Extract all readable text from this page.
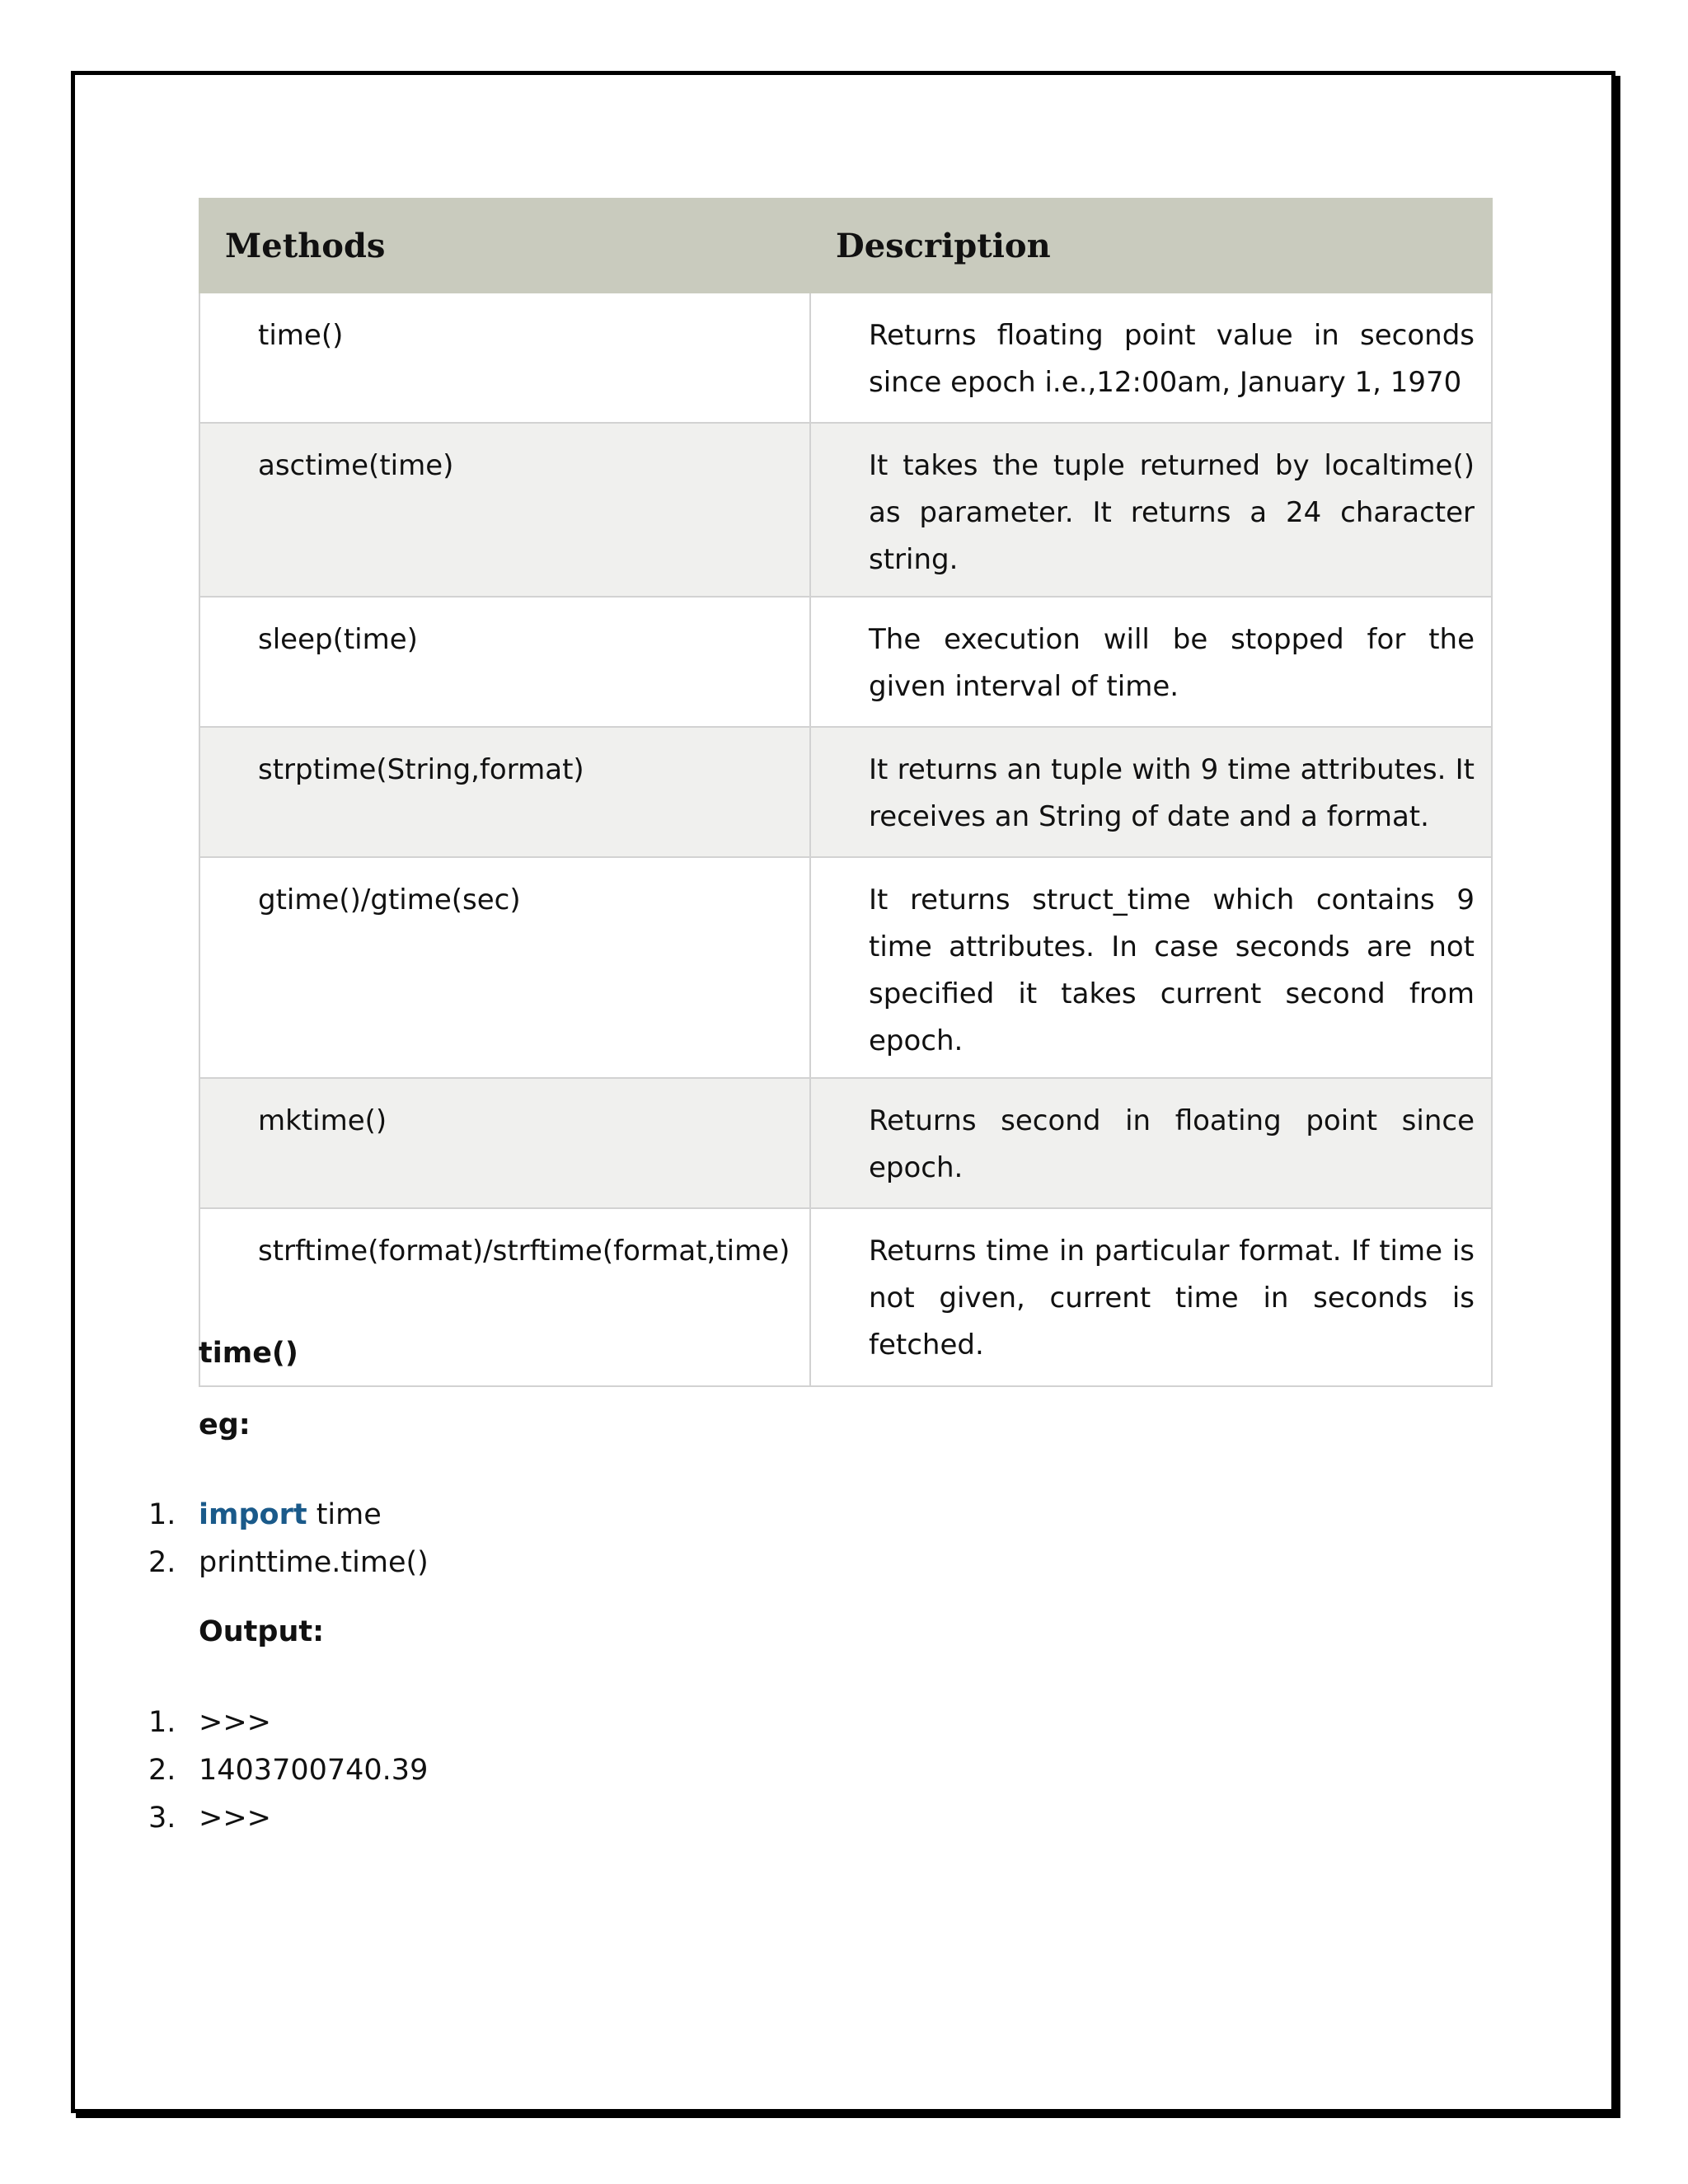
Methods	Description
time()	Returns floating point value in seconds since epoch i.e.,12:00am, January 1, 1970
asctime(time)	It takes the tuple returned by localtime() as parameter. It returns a 24 character string.
sleep(time)	The execution will be stopped for the given interval of time.
strptime(String,format)	It returns an tuple with 9 time attributes. It receives an String of date and a format.
gtime()/gtime(sec)	It returns struct_time which contains 9 time attributes. In case seconds are not specified it takes current second from epoch.
mktime()	Returns second in floating point since epoch.
strftime(format)/strftime(format,time)	Returns time in particular format. If time is not given, current time in seconds is fetched.
time()
eg:
1. import time
2. printtime.time()
Output:
1. >>>
2. 1403700740.39
3. >>>
